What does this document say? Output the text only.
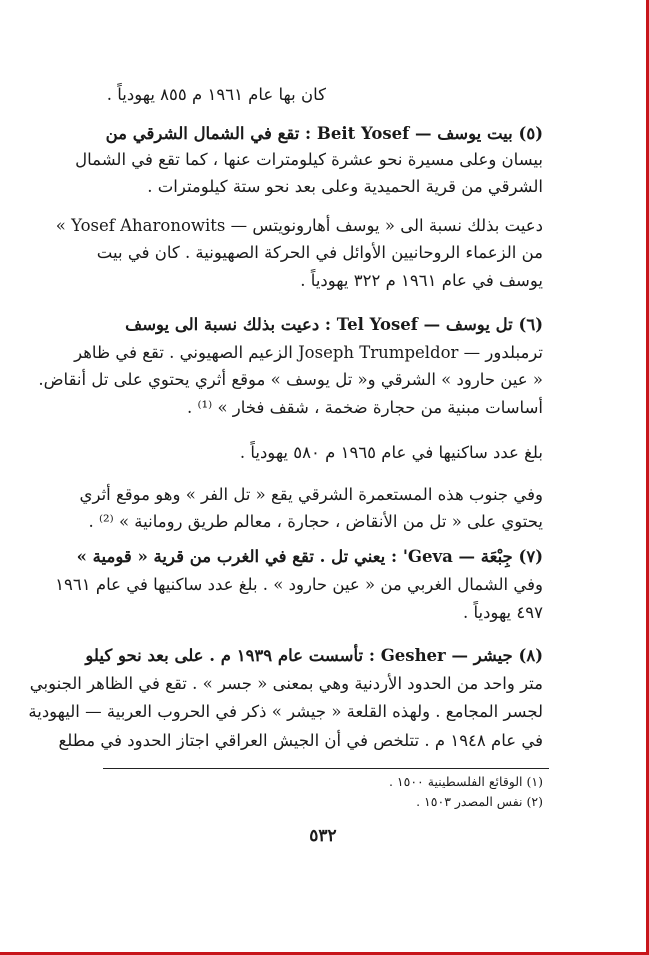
كان بها عام ١٩٦١ م ٨٥٥ يهودياً .
(٥) بيت يوسف — Beit Yosef : تقع في الشمال الشرقي من
بيسان وعلى مسيرة نحو عشرة كيلومترات عنها ، كما تقع في الشمال
الشرقي من قرية الحميدية وعلى بعد نحو ستة كيلومترات .
دعيت بذلك نسبة الى « يوسف أهارونويتس — Yosef Aharonowits »
من الزعماء الروحانيين الأوائل في الحركة الصهيونية . كان في بيت
يوسف في عام ١٩٦١ م ٣٢٢ يهودياً .
(٦) تل يوسف — Tel Yosef : دعيت بذلك نسبة الى يوسف
ترمبلدور — Joseph Trumpeldor الزعيم الصهيوني . تقع في ظاهر
« عين حارود » الشرقي و« تل يوسف » موقع أثري يحتوي على تل أنقاض.
أساسات مبنية من حجارة ضخمة ، شقف فخار » ⁽¹⁾ .
بلغ عدد ساكنيها في عام ١٩٦٥ م ٥٨٠ يهودياً .
وفي جنوب هذه المستعمرة الشرقي يقع « تل الفر » وهو موقع أثري
يحتوي على « تل من الأنقاض ، حجارة ، معالم طريق رومانية » ⁽²⁾ .
(٧) جِبْعَة — Geva' : يعني تل . تقع في الغرب من قرية « قومية »
وفي الشمال الغربي من « عين حارود » . بلغ عدد ساكنيها في عام ١٩٦١
٤٩٧ يهودياً .
(٨) جيشر — Gesher : تأسست عام ١٩٣٩ م . على بعد نحو كيلو
متر واحد من الحدود الأردنية وهي بمعنى « جسر » . تقع في الظاهر الجنوبي
لجسر المجامع . ولهذه القلعة « جيشر » ذكر في الحروب العربية — اليهودية
في عام ١٩٤٨ م . تتلخص في أن الجيش العراقي اجتاز الحدود في مطلع
(١) الوقائع الفلسطينية ١٥٠٠ .
(٢) نفس المصدر ١٥٠٣ .
٥٣٢
